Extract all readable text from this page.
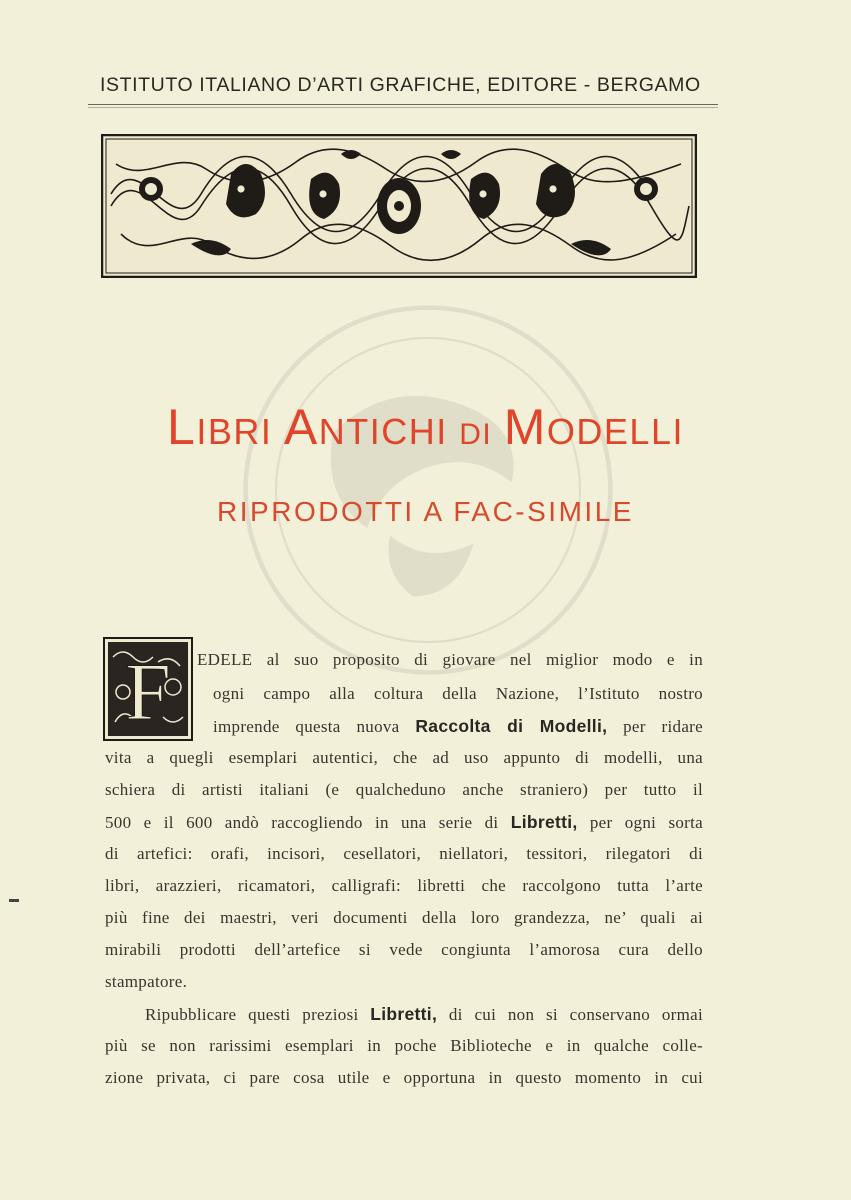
ISTITUTO ITALIANO D’ARTI GRAFICHE, EDITORE - BERGAMO
LIBRI ANTICHI DI MODELLI
RIPRODOTTI A FAC-SIMILE
F EDELE al suo proposito di giovare nel miglior modo e in
ogni campo alla coltura della Nazione, l’Istituto nostro
imprende questa nuova Raccolta di Modelli, per ridare
vita a quegli esemplari autentici, che ad uso appunto di modelli, una
schiera di artisti italiani (e qualcheduno anche straniero) per tutto il
500 e il 600 andò raccogliendo in una serie di Libretti, per ogni sorta
di artefici: orafi, incisori, cesellatori, niellatori, tessitori, rilegatori di
libri, arazzieri, ricamatori, calligrafi: libretti che raccolgono tutta l’arte
più fine dei maestri, veri documenti della loro grandezza, ne’ quali ai
mirabili prodotti dell’artefice si vede congiunta l’amorosa cura dello
stampatore.
Ripubblicare questi preziosi Libretti, di cui non si conservano ormai
più se non rarissimi esemplari in poche Biblioteche e in qualche colle-
zione privata, ci pare cosa utile e opportuna in questo momento in cui
